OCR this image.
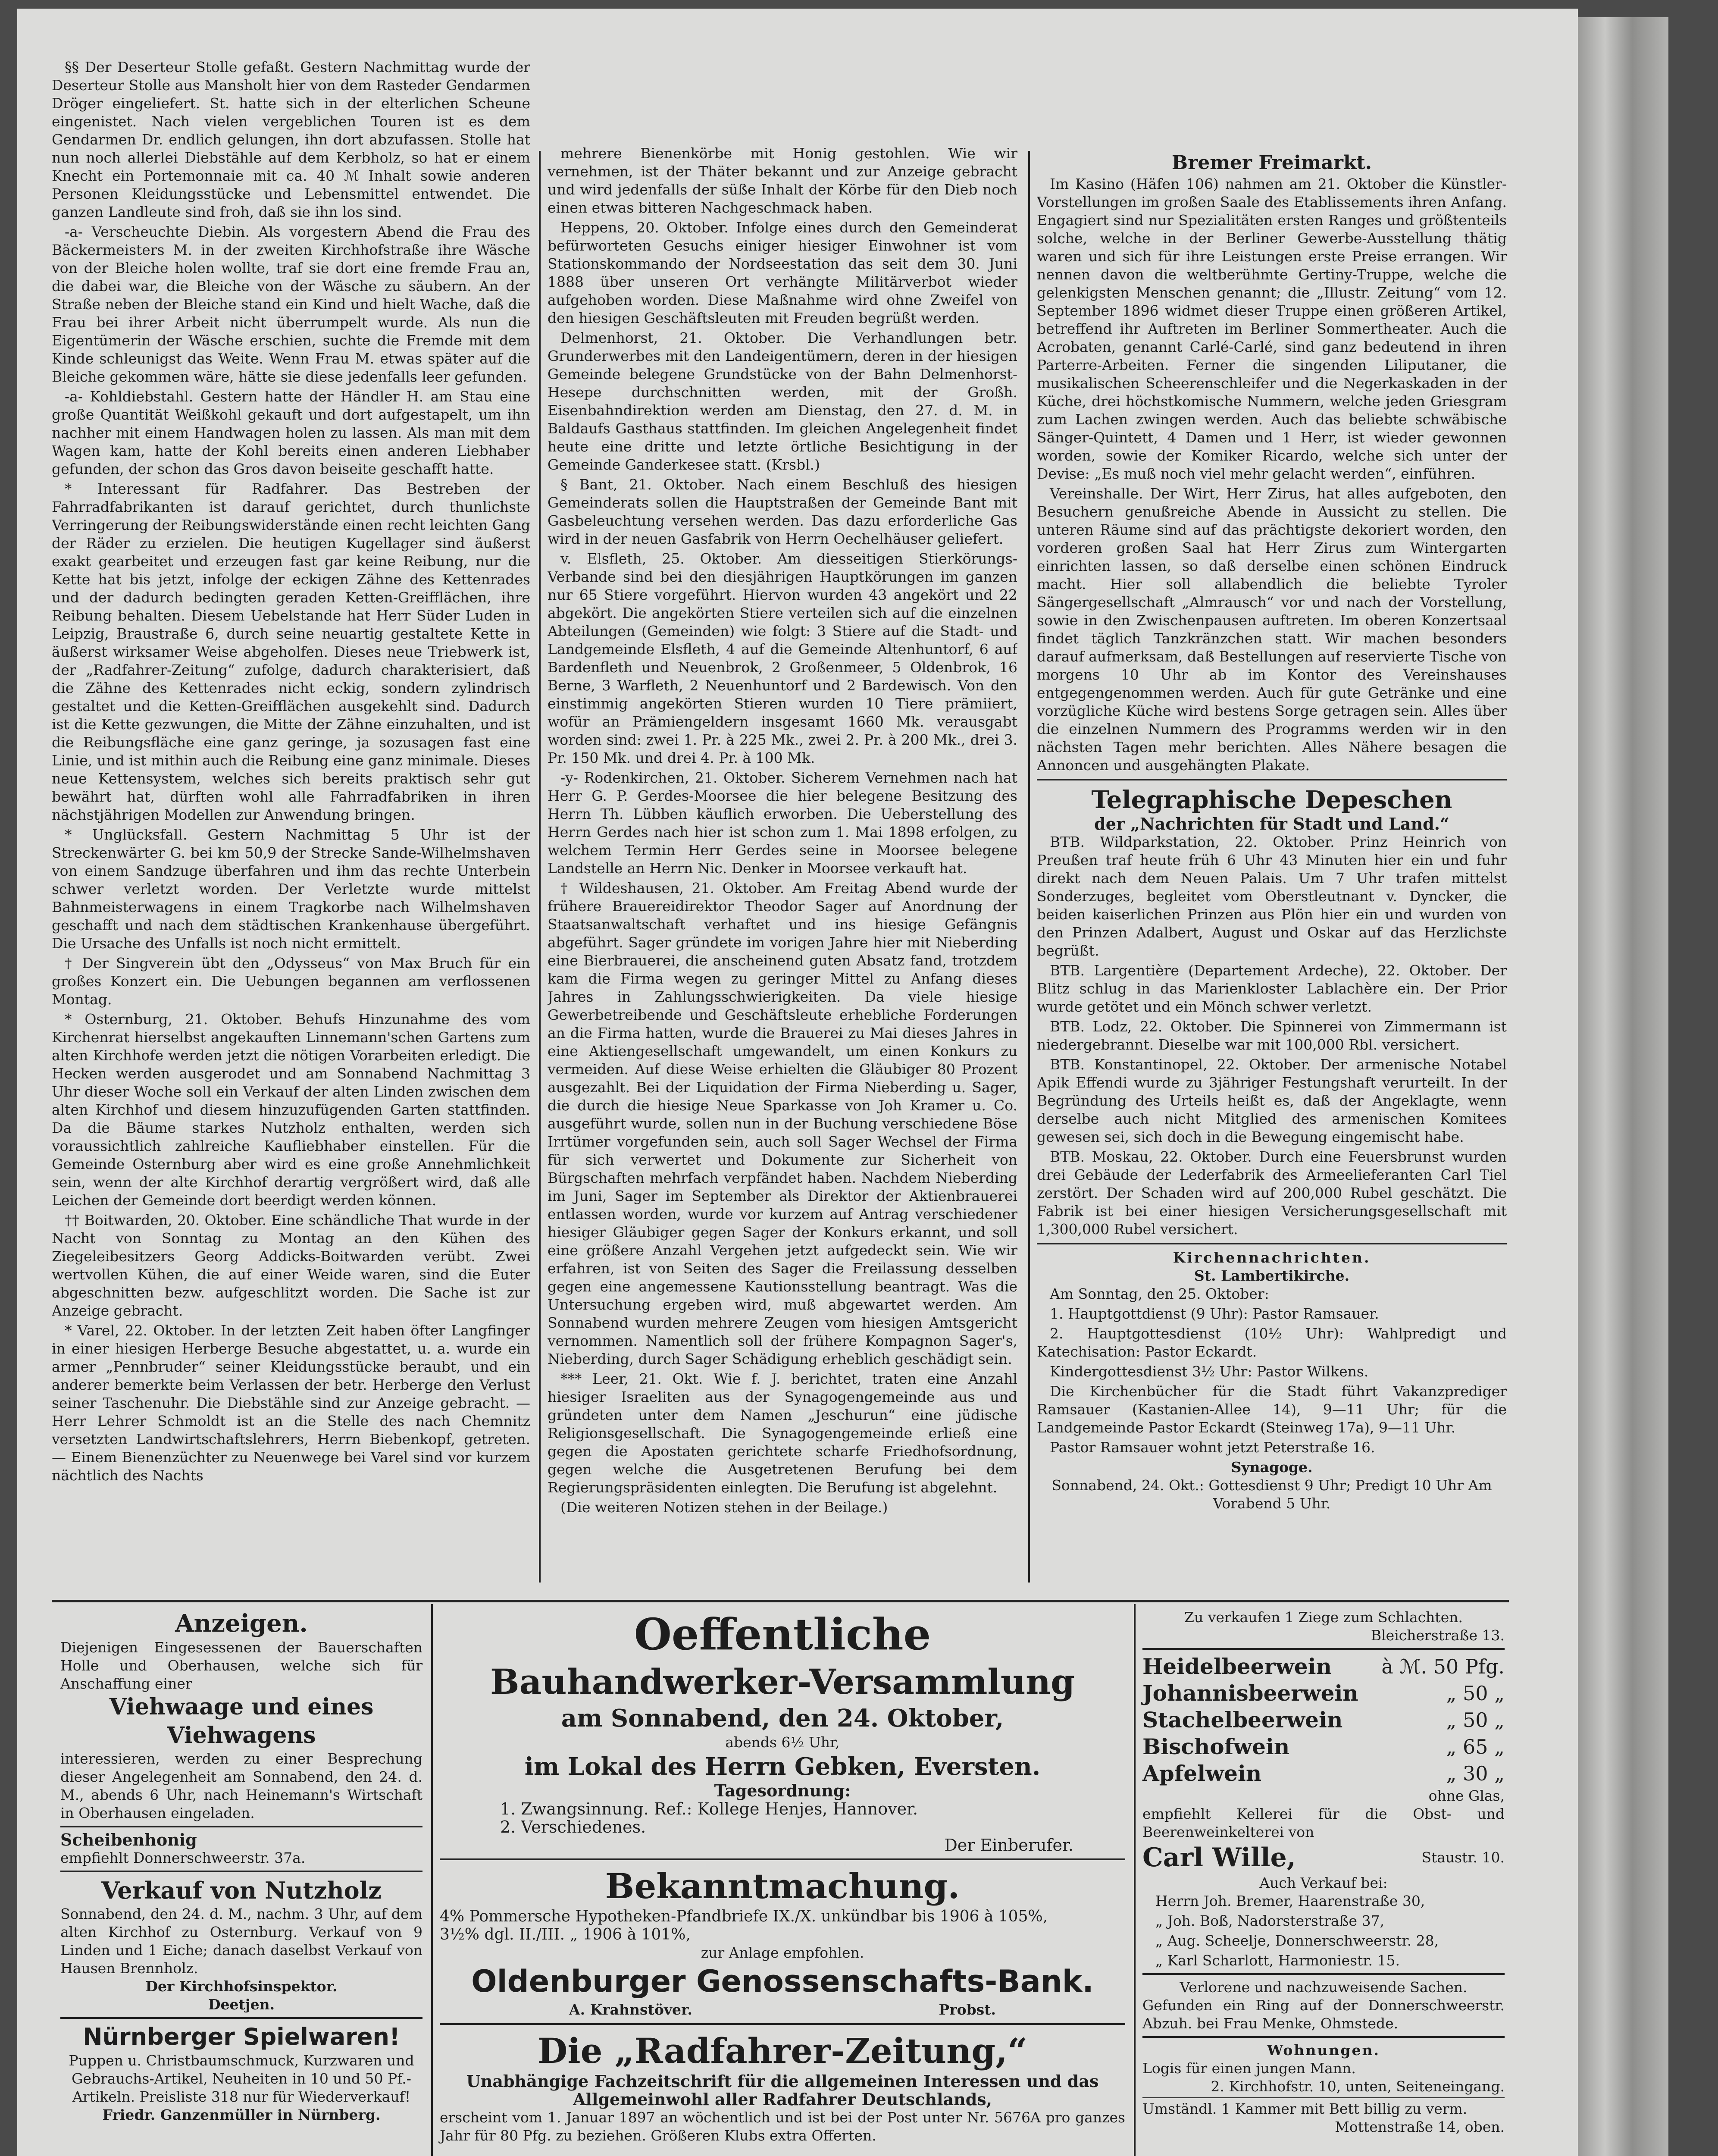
§§ Der Deserteur Stolle gefaßt. Gestern Nachmittag wurde der Deserteur Stolle aus Mansholt hier von dem Rasteder Gendarmen Dröger eingeliefert. St. hatte sich in der elterlichen Scheune eingenistet. Nach vielen vergeblichen Touren ist es dem Gendarmen Dr. endlich gelungen, ihn dort abzufassen. Stolle hat nun noch allerlei Diebstähle auf dem Kerbholz, so hat er einem Knecht ein Portemonnaie mit ca. 40 ℳ Inhalt sowie anderen Personen Kleidungsstücke und Lebensmittel entwendet. Die ganzen Landleute sind froh, daß sie ihn los sind.

-a- Verscheuchte Diebin. Als vorgestern Abend die Frau des Bäckermeisters M. in der zweiten Kirchhofstraße ihre Wäsche von der Bleiche holen wollte, traf sie dort eine fremde Frau an, die dabei war, die Bleiche von der Wäsche zu säubern. An der Straße neben der Bleiche stand ein Kind und hielt Wache, daß die Frau bei ihrer Arbeit nicht überrumpelt wurde. Als nun die Eigentümerin der Wäsche erschien, suchte die Fremde mit dem Kinde schleunigst das Weite. Wenn Frau M. etwas später auf die Bleiche gekommen wäre, hätte sie diese jedenfalls leer gefunden.

-a- Kohldiebstahl. Gestern hatte der Händler H. am Stau eine große Quantität Weißkohl gekauft und dort aufgestapelt, um ihn nachher mit einem Handwagen holen zu lassen. Als man mit dem Wagen kam, hatte der Kohl bereits einen anderen Liebhaber gefunden, der schon das Gros davon beiseite geschafft hatte.

* Interessant für Radfahrer. Das Bestreben der Fahrradfabrikanten ist darauf gerichtet, durch thunlichste Verringerung der Reibungswiderstände einen recht leichten Gang der Räder zu erzielen. Die heutigen Kugellager sind äußerst exakt gearbeitet und erzeugen fast gar keine Reibung, nur die Kette hat bis jetzt, infolge der eckigen Zähne des Kettenrades und der dadurch bedingten geraden Ketten-Greifflächen, ihre Reibung behalten. Diesem Uebelstande hat Herr Süder Luden in Leipzig, Braustraße 6, durch seine neuartig gestaltete Kette in äußerst wirksamer Weise abgeholfen. Dieses neue Triebwerk ist, der „Radfahrer-Zeitung“ zufolge, dadurch charakterisiert, daß die Zähne des Kettenrades nicht eckig, sondern zylindrisch gestaltet und die Ketten-Greifflächen ausgekehlt sind. Dadurch ist die Kette gezwungen, die Mitte der Zähne einzuhalten, und ist die Reibungsfläche eine ganz geringe, ja sozusagen fast eine Linie, und ist mithin auch die Reibung eine ganz minimale. Dieses neue Kettensystem, welches sich bereits praktisch sehr gut bewährt hat, dürften wohl alle Fahrradfabriken in ihren nächstjährigen Modellen zur Anwendung bringen.

* Unglücksfall. Gestern Nachmittag 5 Uhr ist der Streckenwärter G. bei km 50,9 der Strecke Sande-Wilhelmshaven von einem Sandzuge überfahren und ihm das rechte Unterbein schwer verletzt worden. Der Verletzte wurde mittelst Bahnmeisterwagens in einem Tragkorbe nach Wilhelmshaven geschafft und nach dem städtischen Krankenhause übergeführt. Die Ursache des Unfalls ist noch nicht ermittelt.

† Der Singverein übt den „Odysseus“ von Max Bruch für ein großes Konzert ein. Die Uebungen begannen am verflossenen Montag.

* Osternburg, 21. Oktober. Behufs Hinzunahme des vom Kirchenrat hierselbst angekauften Linnemann'schen Gartens zum alten Kirchhofe werden jetzt die nötigen Vorarbeiten erledigt. Die Hecken werden ausgerodet und am Sonnabend Nachmittag 3 Uhr dieser Woche soll ein Verkauf der alten Linden zwischen dem alten Kirchhof und diesem hinzuzufügenden Garten stattfinden. Da die Bäume starkes Nutzholz enthalten, werden sich voraussichtlich zahlreiche Kaufliebhaber einstellen. Für die Gemeinde Osternburg aber wird es eine große Annehmlichkeit sein, wenn der alte Kirchhof derartig vergrößert wird, daß alle Leichen der Gemeinde dort beerdigt werden können.

†† Boitwarden, 20. Oktober. Eine schändliche That wurde in der Nacht von Sonntag zu Montag an den Kühen des Ziegeleibesitzers Georg Addicks-Boitwarden verübt. Zwei wertvollen Kühen, die auf einer Weide waren, sind die Euter abgeschnitten bezw. aufgeschlitzt worden. Die Sache ist zur Anzeige gebracht.

* Varel, 22. Oktober. In der letzten Zeit haben öfter Langfinger in einer hiesigen Herberge Besuche abgestattet, u. a. wurde ein armer „Pennbruder“ seiner Kleidungsstücke beraubt, und ein anderer bemerkte beim Verlassen der betr. Herberge den Verlust seiner Taschenuhr. Die Diebstähle sind zur Anzeige gebracht. — Herr Lehrer Schmoldt ist an die Stelle des nach Chemnitz versetzten Landwirtschaftslehrers, Herrn Biebenkopf, getreten. — Einem Bienenzüchter zu Neuenwege bei Varel sind vor kurzem nächtlich des Nachts

mehrere Bienenkörbe mit Honig gestohlen. Wie wir vernehmen, ist der Thäter bekannt und zur Anzeige gebracht und wird jedenfalls der süße Inhalt der Körbe für den Dieb noch einen etwas bitteren Nachgeschmack haben.

Heppens, 20. Oktober. Infolge eines durch den Gemeinderat befürworteten Gesuchs einiger hiesiger Einwohner ist vom Stationskommando der Nordseestation das seit dem 30. Juni 1888 über unseren Ort verhängte Militärverbot wieder aufgehoben worden. Diese Maßnahme wird ohne Zweifel von den hiesigen Geschäftsleuten mit Freuden begrüßt werden.

Delmenhorst, 21. Oktober. Die Verhandlungen betr. Grunderwerbes mit den Landeigentümern, deren in der hiesigen Gemeinde belegene Grundstücke von der Bahn Delmenhorst-Hesepe durchschnitten werden, mit der Großh. Eisenbahndirektion werden am Dienstag, den 27. d. M. in Baldaufs Gasthaus stattfinden. Im gleichen Angelegenheit findet heute eine dritte und letzte örtliche Besichtigung in der Gemeinde Ganderkesee statt. (Krsbl.)

§ Bant, 21. Oktober. Nach einem Beschluß des hiesigen Gemeinderats sollen die Hauptstraßen der Gemeinde Bant mit Gasbeleuchtung versehen werden. Das dazu erforderliche Gas wird in der neuen Gasfabrik von Herrn Oechelhäuser geliefert.

v. Elsfleth, 25. Oktober. Am diesseitigen Stierkörungs-Verbande sind bei den diesjährigen Hauptkörungen im ganzen nur 65 Stiere vorgeführt. Hiervon wurden 43 angekört und 22 abgekört. Die angekörten Stiere verteilen sich auf die einzelnen Abteilungen (Gemeinden) wie folgt: 3 Stiere auf die Stadt- und Landgemeinde Elsfleth, 4 auf die Gemeinde Altenhuntorf, 6 auf Bardenfleth und Neuenbrok, 2 Großenmeer, 5 Oldenbrok, 16 Berne, 3 Warfleth, 2 Neuenhuntorf und 2 Bardewisch. Von den einstimmig angekörten Stieren wurden 10 Tiere prämiiert, wofür an Prämiengeldern insgesamt 1660 Mk. verausgabt worden sind: zwei 1. Pr. à 225 Mk., zwei 2. Pr. à 200 Mk., drei 3. Pr. 150 Mk. und drei 4. Pr. à 100 Mk.

-y- Rodenkirchen, 21. Oktober. Sicherem Vernehmen nach hat Herr G. P. Gerdes-Moorsee die hier belegene Besitzung des Herrn Th. Lübben käuflich erworben. Die Ueberstellung des Herrn Gerdes nach hier ist schon zum 1. Mai 1898 erfolgen, zu welchem Termin Herr Gerdes seine in Moorsee belegene Landstelle an Herrn Nic. Denker in Moorsee verkauft hat.

† Wildeshausen, 21. Oktober. Am Freitag Abend wurde der frühere Brauereidirektor Theodor Sager auf Anordnung der Staatsanwaltschaft verhaftet und ins hiesige Gefängnis abgeführt. Sager gründete im vorigen Jahre hier mit Nieberding eine Bierbrauerei, die anscheinend guten Absatz fand, trotzdem kam die Firma wegen zu geringer Mittel zu Anfang dieses Jahres in Zahlungsschwierigkeiten. Da viele hiesige Gewerbetreibende und Geschäftsleute erhebliche Forderungen an die Firma hatten, wurde die Brauerei zu Mai dieses Jahres in eine Aktiengesellschaft umgewandelt, um einen Konkurs zu vermeiden. Auf diese Weise erhielten die Gläubiger 80 Prozent ausgezahlt. Bei der Liquidation der Firma Nieberding u. Sager, die durch die hiesige Neue Sparkasse von Joh Kramer u. Co. ausgeführt wurde, sollen nun in der Buchung verschiedene Böse Irrtümer vorgefunden sein, auch soll Sager Wechsel der Firma für sich verwertet und Dokumente zur Sicherheit von Bürgschaften mehrfach verpfändet haben. Nachdem Nieberding im Juni, Sager im September als Direktor der Aktienbrauerei entlassen worden, wurde vor kurzem auf Antrag verschiedener hiesiger Gläubiger gegen Sager der Konkurs erkannt, und soll eine größere Anzahl Vergehen jetzt aufgedeckt sein. Wie wir erfahren, ist von Seiten des Sager die Freilassung desselben gegen eine angemessene Kautionsstellung beantragt. Was die Untersuchung ergeben wird, muß abgewartet werden. Am Sonnabend wurden mehrere Zeugen vom hiesigen Amtsgericht vernommen. Namentlich soll der frühere Kompagnon Sager's, Nieberding, durch Sager Schädigung erheblich geschädigt sein.

*** Leer, 21. Okt. Wie f. J. berichtet, traten eine Anzahl hiesiger Israeliten aus der Synagogengemeinde aus und gründeten unter dem Namen „Jeschurun“ eine jüdische Religionsgesellschaft. Die Synagogengemeinde erließ eine gegen die Apostaten gerichtete scharfe Friedhofsordnung, gegen welche die Ausgetretenen Berufung bei dem Regierungspräsidenten einlegten. Die Berufung ist abgelehnt.

(Die weiteren Notizen stehen in der Beilage.)

Bremer Freimarkt.

Im Kasino (Häfen 106) nahmen am 21. Oktober die Künstler-Vorstellungen im großen Saale des Etablissements ihren Anfang. Engagiert sind nur Spezialitäten ersten Ranges und größtenteils solche, welche in der Berliner Gewerbe-Ausstellung thätig waren und sich für ihre Leistungen erste Preise errangen. Wir nennen davon die weltberühmte Gertiny-Truppe, welche die gelenkigsten Menschen genannt; die „Illustr. Zeitung“ vom 12. September 1896 widmet dieser Truppe einen größeren Artikel, betreffend ihr Auftreten im Berliner Sommertheater. Auch die Acrobaten, genannt Carlé-Carlé, sind ganz bedeutend in ihren Parterre-Arbeiten. Ferner die singenden Liliputaner, die musikalischen Scheerenschleifer und die Negerkaskaden in der Küche, drei höchstkomische Nummern, welche jeden Griesgram zum Lachen zwingen werden. Auch das beliebte schwäbische Sänger-Quintett, 4 Damen und 1 Herr, ist wieder gewonnen worden, sowie der Komiker Ricardo, welche sich unter der Devise: „Es muß noch viel mehr gelacht werden“, einführen.

Vereinshalle. Der Wirt, Herr Zirus, hat alles aufgeboten, den Besuchern genußreiche Abende in Aussicht zu stellen. Die unteren Räume sind auf das prächtigste dekoriert worden, den vorderen großen Saal hat Herr Zirus zum Wintergarten einrichten lassen, so daß derselbe einen schönen Eindruck macht. Hier soll allabendlich die beliebte Tyroler Sängergesellschaft „Almrausch“ vor und nach der Vorstellung, sowie in den Zwischenpausen auftreten. Im oberen Konzertsaal findet täglich Tanzkränzchen statt. Wir machen besonders darauf aufmerksam, daß Bestellungen auf reservierte Tische von morgens 10 Uhr ab im Kontor des Vereinshauses entgegengenommen werden. Auch für gute Getränke und eine vorzügliche Küche wird bestens Sorge getragen sein. Alles über die einzelnen Nummern des Programms werden wir in den nächsten Tagen mehr berichten. Alles Nähere besagen die Annoncen und ausgehängten Plakate.

Telegraphische Depeschen
der „Nachrichten für Stadt und Land.“

BTB. Wildparkstation, 22. Oktober. Prinz Heinrich von Preußen traf heute früh 6 Uhr 43 Minuten hier ein und fuhr direkt nach dem Neuen Palais. Um 7 Uhr trafen mittelst Sonderzuges, begleitet vom Oberstleutnant v. Dyncker, die beiden kaiserlichen Prinzen aus Plön hier ein und wurden von den Prinzen Adalbert, August und Oskar auf das Herzlichste begrüßt.

BTB. Largentière (Departement Ardeche), 22. Oktober. Der Blitz schlug in das Marienkloster Lablachère ein. Der Prior wurde getötet und ein Mönch schwer verletzt.

BTB. Lodz, 22. Oktober. Die Spinnerei von Zimmermann ist niedergebrannt. Dieselbe war mit 100,000 Rbl. versichert.

BTB. Konstantinopel, 22. Oktober. Der armenische Notabel Apik Effendi wurde zu 3jähriger Festungshaft verurteilt. In der Begründung des Urteils heißt es, daß der Angeklagte, wenn derselbe auch nicht Mitglied des armenischen Komitees gewesen sei, sich doch in die Bewegung eingemischt habe.

BTB. Moskau, 22. Oktober. Durch eine Feuersbrunst wurden drei Gebäude der Lederfabrik des Armeelieferanten Carl Tiel zerstört. Der Schaden wird auf 200,000 Rubel geschätzt. Die Fabrik ist bei einer hiesigen Versicherungsgesellschaft mit 1,300,000 Rubel versichert.

Kirchennachrichten.
St. Lambertikirche.

Am Sonntag, den 25. Oktober:

1. Hauptgottdienst (9 Uhr): Pastor Ramsauer.

2. Hauptgottesdienst (10½ Uhr): Wahlpredigt und Katechisation: Pastor Eckardt.

Kindergottesdienst 3½ Uhr: Pastor Wilkens.

Die Kirchenbücher für die Stadt führt Vakanzprediger Ramsauer (Kastanien-Allee 14), 9—11 Uhr; für die Landgemeinde Pastor Eckardt (Steinweg 17a), 9—11 Uhr.

Pastor Ramsauer wohnt jetzt Peterstraße 16.

Synagoge.
Sonnabend, 24. Okt.: Gottesdienst 9 Uhr; Predigt 10 Uhr Am Vorabend 5 Uhr.
Anzeigen.
Diejenigen Eingesessenen der Bauerschaften Holle und Oberhausen, welche sich für Anschaffung einer
Viehwaage und eines Viehwagens
interessieren, werden zu einer Besprechung dieser Angelegenheit am Sonnabend, den 24. d. M., abends 6 Uhr, nach Heinemann's Wirtschaft in Oberhausen eingeladen.
Scheibenhonig
empfiehlt Donnerschweerstr. 37a.
Verkauf von Nutzholz
Sonnabend, den 24. d. M., nachm. 3 Uhr, auf dem alten Kirchhof zu Osternburg. Verkauf von 9 Linden und 1 Eiche; danach daselbst Verkauf von Hausen Brennholz.
Der Kirchhofsinspektor.
Deetjen.
Nürnberger Spielwaren!
Puppen u. Christbaumschmuck, Kurzwaren und Gebrauchs-Artikel, Neuheiten in 10 und 50 Pf.-Artikeln. Preisliste 318 nur für Wiederverkauf!
Friedr. Ganzenmüller in Nürnberg.
Oeffentliche
Bauhandwerker-Versammlung
am Sonnabend, den 24. Oktober,
abends 6½ Uhr,
im Lokal des Herrn Gebken, Eversten.
Tagesordnung:
1. Zwangsinnung. Ref.: Kollege Henjes, Hannover.
2. Verschiedenes.
Der Einberufer.
Bekanntmachung.
4% Pommersche Hypotheken-Pfandbriefe IX./X. unkündbar bis 1906 à 105%,
3½% dgl. II./III. „ 1906 à 101%,
zur Anlage empfohlen.
Oldenburger Genossenschafts-Bank.
A. Krahnstöver.	Probst.
Die „Radfahrer-Zeitung,“
Unabhängige Fachzeitschrift für die allgemeinen Interessen und das
Allgemeinwohl aller Radfahrer Deutschlands,
erscheint vom 1. Januar 1897 an wöchentlich und ist bei der Post unter Nr. 5676A pro ganzes Jahr für 80 Pfg. zu beziehen. Größeren Klubs extra Offerten.
Zu verkaufen 1 Ziege zum Schlachten.
Bleicherstraße 13.
Heidelbeerwein	à ℳ. 50 Pfg.
Johannisbeerwein	„ 50 „
Stachelbeerwein	„ 50 „
Bischofwein	„ 65 „
Apfelwein	„ 30 „
ohne Glas,
empfiehlt Kellerei für die Obst- und Beerenweinkelterei von
Carl Wille,	Staustr. 10.
Auch Verkauf bei:

Herrn Joh. Bremer, Haarenstraße 30,

„ Joh. Boß, Nadorsterstraße 37,

„ Aug. Scheelje, Donnerschweerstr. 28,

„ Karl Scharlott, Harmoniestr. 15.

Verlorene und nachzuweisende Sachen.
Gefunden ein Ring auf der Donnerschweerstr. Abzuh. bei Frau Menke, Ohmstede.
Wohnungen.
Logis für einen jungen Mann.
2. Kirchhofstr. 10, unten, Seiteneingang.
Umständl. 1 Kammer mit Bett billig zu verm.
Mottenstraße 14, oben.
